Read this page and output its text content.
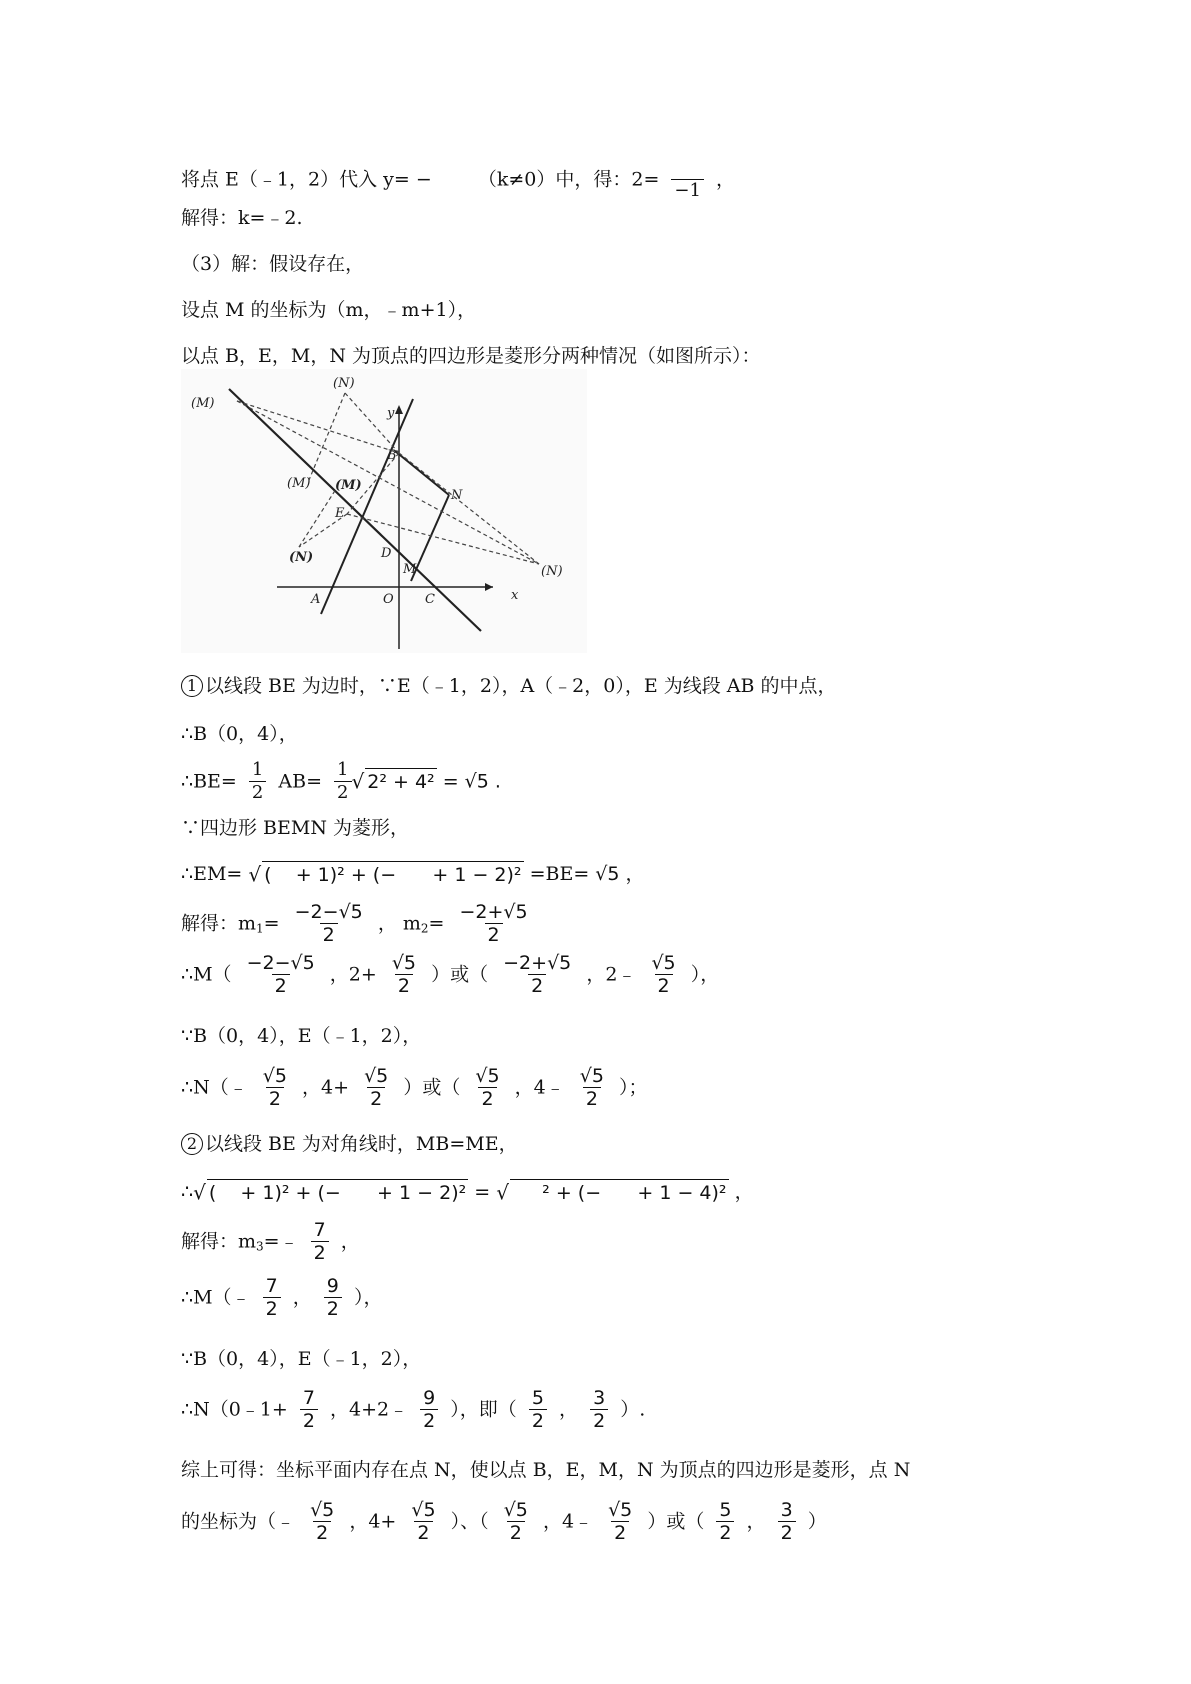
将点 E（﹣1，2）代入 y= − （k≠0）中，得：2=
−1 ，
解得：k=﹣2.
（3）解：假设存在，
设点 M 的坐标为（m，﹣m+1），
以点 B，E，M，N 为顶点的四边形是菱形分两种情况（如图所示）：
(M)
(N)
B
y
(M) (M)
N
E
(N)	D
M	(N)
A	O C	x
1 以线段 BE 为边时，∵E（﹣1，2），A（﹣2，0），E 为线段 AB 的中点，
∴B（0，4），
∴BE= $\frac{1}{2} AB= \frac{1}{2}$ √ 2² + 4² = √5 .
∵四边形 BEMN 为菱形，
∴EM= √ (    + 1)² + (−      + 1 − 2)² =BE= √5 ，
解得：$m_1= \frac{-2-√5}{2}$ ， $m_2= \frac{-2+√5}{2}$
∴M（ $\frac{-2-√5}{2}$ ，$2+ \frac{√5}{2}$ ）或（ $\frac{-2+√5}{2}$ ，2﹣ $\frac{√5}{2}$ ），
∵B（0，4），E（﹣1，2），
∴N（﹣ $\frac{√5}{2}$ ，$4+ \frac{√5}{2}$ ）或（ $\frac{√5}{2}$ ，4﹣ $\frac{√5}{2}$ ）；
2 以线段 BE 为对角线时，MB=ME，
∴√ (    + 1)² + (−      + 1 − 2)² = √     ² + (−      + 1 − 4)² ，
解得：$m_3=﹣ \frac{7}{2}$ ，
∴M（﹣ $\frac{7}{2}$ ， $\frac{9}{2}$ ），
∵B（0，4），E（﹣1，2），
∴N（0﹣1+ $\frac{7}{2}$ ，4+2﹣ $\frac{9}{2}$ ），即（ $\frac{5}{2}$ ， $\frac{3}{2}$ ）.
综上可得：坐标平面内存在点 N，使以点 B，E，M，N 为顶点的四边形是菱形，点 N
的坐标为（﹣ $\frac{√5}{2}$ ，$4+ \frac{√5}{2}$ ）、（ $\frac{√5}{2}$ ，4﹣ $\frac{√5}{2}$ ）或（ $\frac{5}{2}$ ， $\frac{3}{2}$ ）
